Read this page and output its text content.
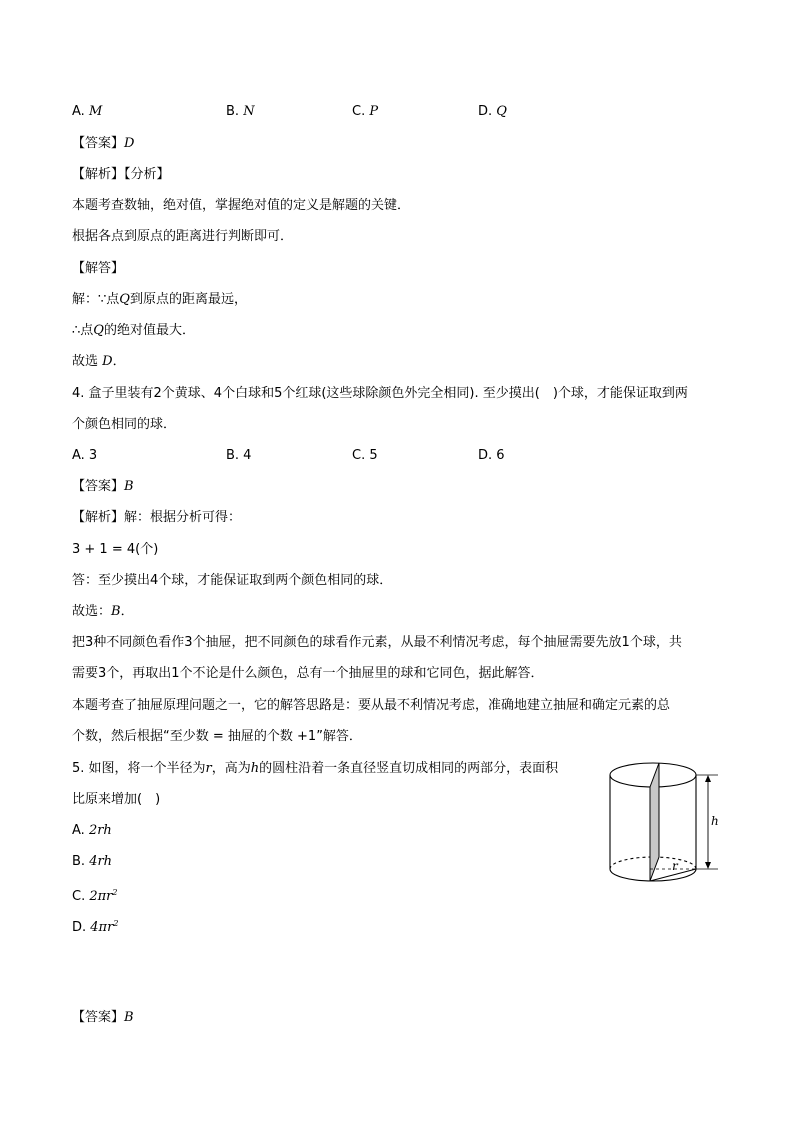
A. M	B. N	C. P	D. Q
【答案】D
【解析】【分析】
本题考查数轴，绝对值，掌握绝对值的定义是解题的关键．
根据各点到原点的距离进行判断即可．
【解答】
解：∵点Q到原点的距离最远，
∴点Q的绝对值最大．
故选 D．
4. 盒子里装有2个黄球、4个白球和5个红球(这些球除颜色外完全相同). 至少摸出(　)个球，才能保证取到两
个颜色相同的球．
A. 3	B. 4	C. 5	D. 6
【答案】B
【解析】解：根据分析可得：
3 + 1 = 4(个)
答：至少摸出4个球，才能保证取到两个颜色相同的球．
故选：B．
把3种不同颜色看作3个抽屉，把不同颜色的球看作元素，从最不利情况考虑，每个抽屉需要先放1个球，共
需要3个，再取出1个不论是什么颜色，总有一个抽屉里的球和它同色，据此解答．
本题考查了抽屉原理问题之一，它的解答思路是：要从最不利情况考虑，准确地建立抽屉和确定元素的总
个数，然后根据“至少数 = 抽屉的个数 +1”解答．
5. 如图，将一个半径为r，高为h的圆柱沿着一条直径竖直切成相同的两部分，表面积
比原来增加(　)
A. 2rh
B. 4rh
C. $2\pi r^2$
D. $4\pi r^2$
【答案】B
h
r
